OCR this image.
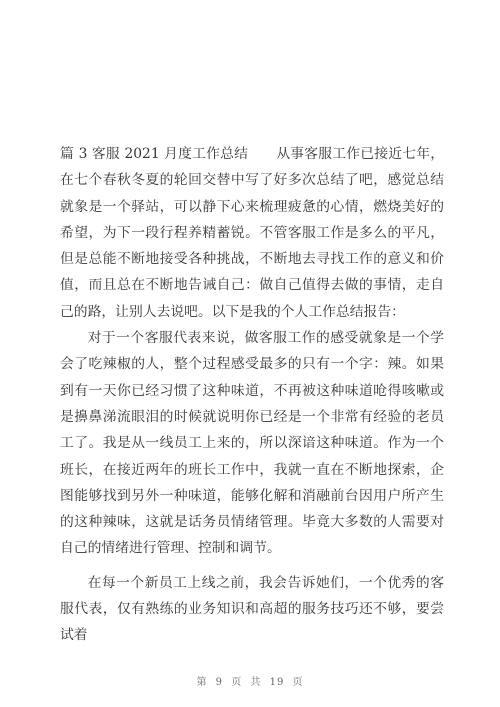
篇 3 客服 2021 月度工作总结 从事客服工作已接近七年，在七个春秋冬夏的轮回交替中写了好多次总结了吧，感觉总结就象是一个驿站，可以静下心来梳理疲惫的心情，燃烧美好的希望，为下一段行程养精蓄锐。不管客服工作是多么的平凡，但是总能不断地接受各种挑战，不断地去寻找工作的意义和价值，而且总在不断地告诫自己：做自己值得去做的事情，走自己的路，让别人去说吧。以下是我的个人工作总结报告：

对于一个客服代表来说，做客服工作的感受就象是一个学会了吃辣椒的人，整个过程感受最多的只有一个字：辣。如果到有一天你已经习惯了这种味道，不再被这种味道呛得咳嗽或是擤鼻涕流眼泪的时候就说明你已经是一个非常有经验的老员工了。我是从一线员工上来的，所以深谙这种味道。作为一个班长，在接近两年的班长工作中，我就一直在不断地探索，企图能够找到另外一种味道，能够化解和消融前台因用户所产生的这种辣味，这就是话务员情绪管理。毕竟大多数的人需要对自己的情绪进行管理、控制和调节。

在每一个新员工上线之前，我会告诉她们，一个优秀的客服代表，仅有熟练的业务知识和高超的服务技巧还不够，要尝试着

第 9 页 共 19 页
